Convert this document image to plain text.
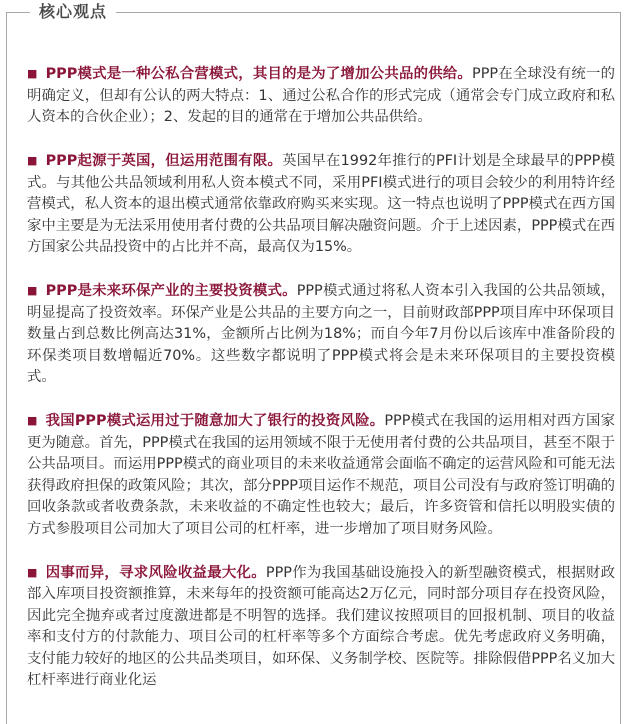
核心观点

■ PPP模式是一种公私合营模式，其目的是为了增加公共品的供给。PPP在全球没有统一的明确定义，但却有公认的两大特点：1、通过公私合作的形式完成（通常会专门成立政府和私人资本的合伙企业）；2、发起的目的通常在于增加公共品供给。

■ PPP起源于英国，但运用范围有限。英国早在1992年推行的PFI计划是全球最早的PPP模式。与其他公共品领域利用私人资本模式不同，采用PFI模式进行的项目会较少的利用特许经营模式，私人资本的退出模式通常依靠政府购买来实现。这一特点也说明了PPP模式在西方国家中主要是为无法采用使用者付费的公共品项目解决融资问题。介于上述因素，PPP模式在西方国家公共品投资中的占比并不高，最高仅为15%。

■ PPP是未来环保产业的主要投资模式。PPP模式通过将私人资本引入我国的公共品领域，明显提高了投资效率。环保产业是公共品的主要方向之一，目前财政部PPP项目库中环保项目数量占到总数比例高达31%，金额所占比例为18%；而自今年7月份以后该库中准备阶段的环保类项目数增幅近70%。这些数字都说明了PPP模式将会是未来环保项目的主要投资模式。

■ 我国PPP模式运用过于随意加大了银行的投资风险。PPP模式在我国的运用相对西方国家更为随意。首先，PPP模式在我国的运用领域不限于无使用者付费的公共品项目，甚至不限于公共品项目。而运用PPP模式的商业项目的未来收益通常会面临不确定的运营风险和可能无法获得政府担保的政策风险；其次，部分PPP项目运作不规范，项目公司没有与政府签订明确的回收条款或者收费条款，未来收益的不确定性也较大；最后，许多资管和信托以明股实债的方式参股项目公司加大了项目公司的杠杆率，进一步增加了项目财务风险。

■ 因事而异，寻求风险收益最大化。PPP作为我国基础设施投入的新型融资模式，根据财政部入库项目投资额推算，未来每年的投资额可能高达2万亿元，同时部分项目存在投资风险，因此完全抛弃或者过度激进都是不明智的选择。我们建议按照项目的回报机制、项目的收益率和支付方的付款能力、项目公司的杠杆率等多个方面综合考虑。优先考虑政府义务明确，支付能力较好的地区的公共品类项目，如环保、义务制学校、医院等。排除假借PPP名义加大杠杆率进行商业化运
